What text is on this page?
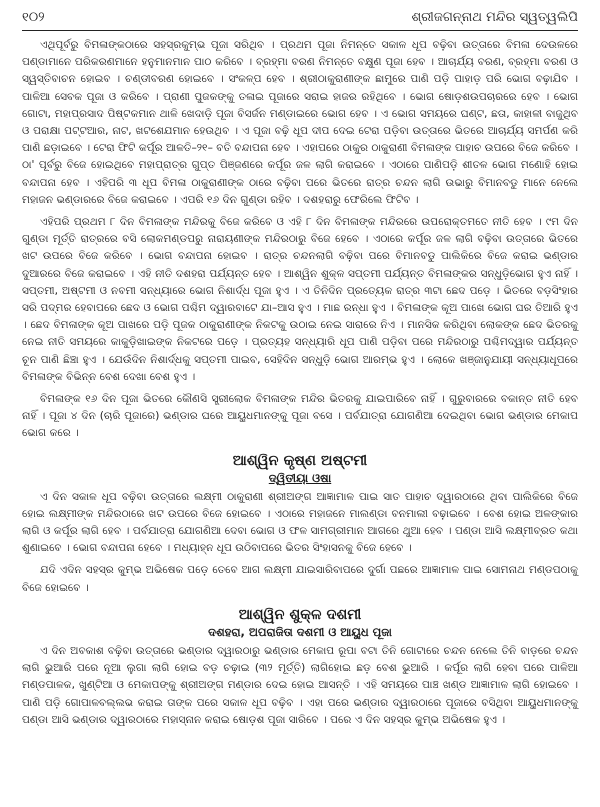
୧୦୨	ଶ୍ରୀଜଗନ୍ନାଥ ମନ୍ଦିର ସ୍ୱତ୍ୱଲିପି

ଏଥିପୂର୍ବରୁ ବିମଳାଙ୍କଠାରେ ସହସ୍ରକୁମ୍ଭ ପୂଜା ସରିଥିବ । ପ୍ରଥମ ପୂଜା ନିମନ୍ତେ ସକାଳ ଧୂପ ବଢ଼ିବା ଉତ୍ତାରେ ବିମଳା ଦେଉଳରେ ପଣ୍ଡାମାନେ ପରିକରଣମାନେ ହନୁମାନମାନ ପାଠ କରିବେ । ବ୍ରହ୍ମା ବରଣ ନିମନ୍ତେ ବକ୍ଷୁଣ ପୂଜା ହେବ । ଆଚାର୍ଯ୍ୟ ବରଣ, ବ୍ରହ୍ମା ବରଣ ଓ ସ୍ୱସ୍ତିବାଚନ ହୋଇବ । ଚଣ୍ଡୀବରଣ ହୋଇବେ । ସଂକଳ୍ପ ହେବ । ଶ୍ରୀଠାକୁରାଣୀଙ୍କ ଛାମୁରେ ପାଣି ପଡ଼ି ପାହାଡ଼ ପରି ଭୋଗ ବଢ଼ାଯିବ । ପାଳିଆ ସେବକ ପୂଜା ଓ କରିବେ । ପ୍ରାଣୀ ପୁଜକଙ୍କୁ ତଳାଇ ପୂଜାରେ ସରାଇ ହାଜର ରହିଥିବେ । ଭୋଗ ଷୋଡ଼ଶଉପଚାରରେ ହେବ । ଭୋଗ ଗୋଟା, ମହାପ୍ରସାଦ ପିଷ୍ଟକମାନ ଥାଳି ଖେଦାଡ଼ି ପୂଜା ବିସର୍ଜନ ମଣ୍ଡାଇରେ ଭୋଗ ହେବ । ଏ ଭୋଗ ସମୟରେ ଘଣ୍ଟ, ଛତା, କାହାଳୀ ବାଜୁଥିବ ଓ ପରାକ୍ଷା ପଟ୍ଟଆର, ନାଟ, ଖଟଶେଯମାନ ହେଉଥିବ । ଏ ପୂଜା ବଢ଼ି ଧୂପ ଦୀପ ଦେଇ ଟେରା ପଡ଼ିବା ଉତ୍ତାରେ ଭିତରେ ଆଚାର୍ଯ୍ୟ ସମର୍ପଣ କରି ପାଣି ଛଡ଼ାଇବେ । ଟେରା ଫିଟି କର୍ପୂର ଆଳତି–୨୧– ବତି ବନ୍ଦାପନା ହେବ । ଏହାପରେ ଠାକୁର ଠାକୁରାଣୀ ବିମଳାଙ୍କ ପାହାଚ ଉପରେ ବିଜେ କରିବେ । ଠା' ପୂର୍ବରୁ ବିଜେ ହୋଇଥିବେ ମହାପ୍ରାତ୍ର ଗୁପ୍ତ ପିଞ୍ଜଣରେ କର୍ପୂର ଜଳ ଲାଗି କରାଇବେ । ଏଠାରେ ପାଣିପଡ଼ି ଶୀତଳ ଭୋଗ ମଣୋହି ହୋଇ ବନ୍ଦାପନା ହେବ । ଏହିପରି ୩ ଧୂପ ବିମଳା ଠାକୁରାଣୀଙ୍କ ଠାରେ ବଢ଼ିବା ପରେ ଭିତରେ ରାତ୍ର ଚନ୍ଦନ ଲାଗି ଉଭାରୁ ବିମାନବଡୁ ମାନେ ନେଲେ ମହାଜନ ଭଣ୍ଡାରରେ ବିଜେ କରାଇବେ । ଏପରି ୧୬ ଦିନ ଗୁଣ୍ଡା ରହିବ । ଦଶହରାରୁ ଫେରିଲେ ଫିଟିବ ।

ଏହିପରି ପ୍ରଥମ ୮ ଦିନ ବିମଳାଙ୍କ ମନ୍ଦିରକୁ ବିଜେ କରିବେ ଓ ଏହି ୮ ଦିନ ବିମଳାଙ୍କ ମନ୍ଦିରରେ ଉପରୋକ୍ତମତେ ନୀତି ହେବ । ୯ମ ଦିନ ଗୁଣ୍ଡା ମୂର୍ତ୍ତି ରାତ୍ରରେ ବସି ଲୋକମଣ୍ଡପରୁ ନାରାୟଣୀଙ୍କ ମନ୍ଦିରଠାରୁ ବିଜେ ହେବେ । ଏଠାରେ କର୍ପୂର ଜଳ ଲାଗି ବଢ଼ିବା ଉତ୍ତାରେ ଭିତରେ ଖଟ ଉପରେ ବିଜେ କରିବେ । ଭୋଗ ବନ୍ଦାପନା ହୋଇବ । ରାତ୍ର ଚନ୍ଦନଲାଗି ବଢ଼ିବା ପରେ ବିମାନବଡୁ ପାଲିକିରେ ବିଜେ କରାଇ ଭଣ୍ଡାର ଦୁଆରରେ ବିଜେ କରାଇବେ । ଏହି ନୀତି ଦଶହରା ପର୍ଯ୍ୟନ୍ତ ହେବ । ଆଶ୍ୱିନ ଶୁକ୍ଳ ସପ୍ତମୀ ପର୍ଯ୍ୟନ୍ତ ବିମଳାଙ୍କର ସନ୍ଧୁଡ଼ିଭୋଗ ହୁଏ ନାହିଁ । ସପ୍ତମୀ, ଅଷ୍ଟମୀ ଓ ନବମୀ ସନ୍ଧ୍ୟାରେ ଭୋଗ ନିଶାର୍ଦ୍ଧ ପୂଜା ହୁଏ । ଏ ତିନିଦିନ ପ୍ରତ୍ୟେକ ରାତ୍ର ୩ଟା ଛେଦ ପଡ଼େ । ଭିତରେ ବଡ଼ସିଂହାର ସରି ପଦ୍ମର ହେବାପରେ ଛେଦ ଓ ଭୋଗ ପଶ୍ଚିମ ଦ୍ୱାରବାଟେ ଯା–ଆସ ହୁଏ । ମାଛ ରନ୍ଧା ହୁଏ । ବିମଳାଙ୍କ କୂଅ ପାଖେ ଭୋଗ ଘର ତିଆରି ହୁଏ । ଛେଦ ବିମଳାଙ୍କ କୂଅ ପାଖରେ ପଡ଼ି ପୂଜକ ଠାକୁରାଣୀଙ୍କ ନିକଟକୁ ଉଠାଇ ନେଇ ସାରାରେ ନିଏ । ମାନସିକ କରିଥିବା ଲୋକଙ୍କ ଛେଦ ଭିତରକୁ ନେଇ ନୀତି ସମୟରେ କାକୁଡ଼ିଖାଇଙ୍କ ନିକଟରେ ପଡ଼େ । ପ୍ରତ୍ୟହ ସନ୍ଧ୍ୟାରି ଧୂପ ପାଣି ପଡ଼ିବା ପରେ ମନ୍ଦିରଠାରୁ ପଶ୍ଚିମଦ୍ୱାର ପର୍ଯ୍ୟନ୍ତ ଚୂନ ପାଣି ଛିଞ୍ଚା ହୁଏ । ଯେଉଁଦିନ ନିଶାର୍ଦ୍ଧକୁ ସପ୍ତମୀ ପାଇବ, ସେହିଦିନ ସନ୍ଧୁଡ଼ି ଭୋଗ ଆରମ୍ଭ ହୁଏ । ଲୋକେ ଖଞ୍ଜାନୁଯାୟୀ ସନ୍ଧ୍ୟାଧୂପରେ ବିମଳାଙ୍କ ବିଭିନ୍ନ ବେଶ ଦେଖା ବେଶ ହୁଏ ।

ବିମଳାଙ୍କ ୧୬ ଦିନ ପୂଜା ଭିତରେ କୌଣସି ସ୍ତ୍ରୀଲୋକ ବିମଳାଙ୍କ ମନ୍ଦିର ଭିତରକୁ ଯାଇପାରିବେ ନାହିଁ । ଗୁରୁବାରରେ ବକାନ୍ତ ନୀତି ହେବ ନାହିଁ । ପୂଜା ୪ ଦିନ (ଚାରି ପୂଜାରେ) ଭଣ୍ଡାର ଘରେ ଆୟୁଧମାନଙ୍କୁ ପୂଜା ବସେ । ପର୍ବଯାତ୍ରା ଯୋଗଣିଆ ଦେଇଥିବା ଭୋଗ ଭଣ୍ଡାର ମେକାପ ଭୋଗ କରେ ।

ଆଶ୍ୱିନ କୃଷ୍ଣ ଅଷ୍ଟମୀ
ଦ୍ୱିତୀୟା ଓଷା

ଏ ଦିନ ସକାଳ ଧୂପ ବଢ଼ିବା ଉତ୍ତାରେ ଲକ୍ଷ୍ମୀ ଠାକୁରାଣୀ ଶ୍ରୀଅଙ୍ଗ ଆଜ୍ଞାମାଳ ପାଇ ସାତ ପାହାଚ ଦ୍ୱାରଠାରେ ଥିବା ପାଲିକିରେ ବିଜେ ହୋଇ ଲକ୍ଷ୍ମୀଙ୍କ ମନ୍ଦିରଠାରେ ଖଟ ଉପରେ ବିଜେ ହୋଇବେ । ଏଠାରେ ମହାଜନେ ମାଲଣ୍ଡା ବନମାଲୀ ବଢ଼ାଇବେ । ବେଶ ହୋଇ ଅଳଙ୍କାର ଲାଗି ଓ କର୍ପୂର ଲାଗି ହେବ । ପର୍ବଯାତ୍ରା ଯୋଗଣିଆ ଦେବା ଭୋଗ ଓ ଫଳ ସାମଗ୍ରୀମାନ ଆଗରେ ଥୁଆ ହେବ । ପଣ୍ଡା ଆସି ଲକ୍ଷ୍ମୀବ୍ରତ କଥା ଶୁଣାଇବେ । ଭୋଗ ବନ୍ଦାପନା ହେବେ । ମଧ୍ୟାହ୍ନ ଧୂପ ଉଠିବାପରେ ଭିତର ସିଂହାସନକୁ ବିଜେ ହେବେ ।

ଯଦି ଏଦିନ ସହସ୍ର କୁମ୍ଭ ଅଭିଷେକ ପଡ଼େ ତେବେ ଆଗ ଲକ୍ଷ୍ମୀ ଯାଇସାରିବାପରେ ଦୁର୍ଗା ପଛରେ ଆଜ୍ଞାମାଳ ପାଇ ସୋମନାଥ ମଣ୍ଡପଠାକୁ ବିଜେ ହୋଇବେ ।

ଆଶ୍ୱିନ ଶୁକ୍ଳ ଦଶମୀ
ଦଶହରା, ଅପରାଜିତା ଦଶମୀ ଓ ଆୟୁଧ ପୂଜା

ଏ ଦିନ ଅବକାଶ ବଢ଼ିବା ଉତ୍ତାରେ ଭଣ୍ଡାର ଦ୍ୱାରଠାରୁ ଭଣ୍ଡାର ମେକାପ ରୂପା ବଟା ତିନି ଗୋଟାରେ ଚନ୍ଦନ ନେଲେ ତିନି ବାଡ଼ରେ ଚନ୍ଦନ ଲାଗି ଭୁଆରି ପରେ ନୂଆ ଲୁଗା ଲାଗି ହୋଇ ବଡ଼ ଚଢ଼ାଇ (୩୨ ମୂର୍ତ୍ତି) ଲାଗିହୋଇ ଛଡ଼ ବେଶ ଭୁଆରି । କର୍ପୂର ଲାଗି ହେବା ପରେ ପାଳିଆ ମଣ୍ଡପାଳକ, ଖୁଣ୍ଟିଆ ଓ ମେକାପଙ୍କୁ ଶ୍ରୀଅଙ୍ଗ ମଣ୍ଡାର ଦେଇ ହୋଇ ଆସନ୍ତି । ଏହି ସମୟରେ ପାଞ୍ଚ ଖଣ୍ଡ ଆଜ୍ଞାମାଳ ଲାଗି ହୋଇବେ । ପାଣି ପଡ଼ି ଗୋପାଳବଲ୍ଲଭ କରାଇ ତାଙ୍କ ପରେ ସକାଳ ଧୂପ ବଢ଼ିବ । ଏହା ପରେ ଭଣ୍ଡାର ଦ୍ୱାରଠାରେ ପୂଜାରେ ବସିଥିବା ଆୟୁଧମାନଙ୍କୁ ପଣ୍ଡା ଆସି ଭଣ୍ଡାର ଦ୍ୱାରଠାରେ ମହାସ୍ନାନ କରାଇ ଷୋଡ଼ଶ ପୂଜା ସାରିବେ । ପରେ ଏ ଦିନ ସହସ୍ର କୁମ୍ଭ ଅଭିଷେକ ହୁଏ ।
